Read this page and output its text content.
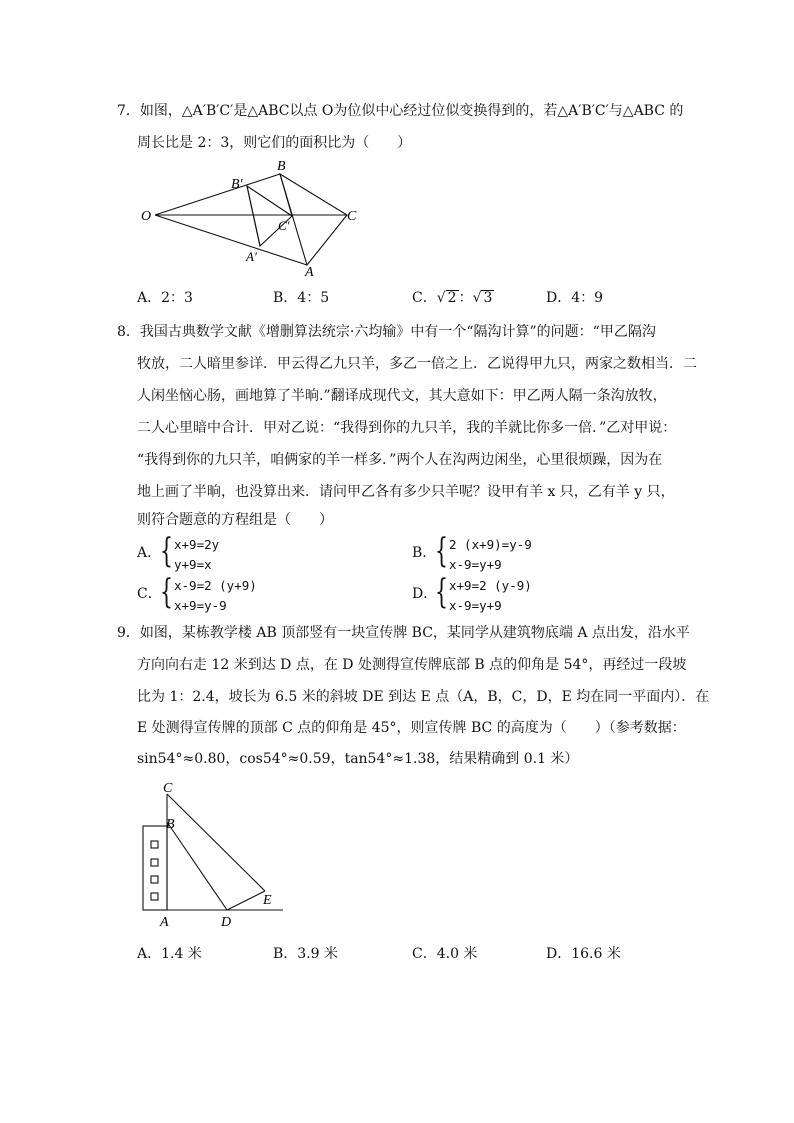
7．如图，△A′B′C′是△ABC以点 O为位似中心经过位似变换得到的，若△A′B′C′与△ABC 的
周长比是 2：3，则它们的面积比为（　　）
O
B′
B
C
C′
A′
A
A．2：3	B．4：5	C．√ 2 ：√ 3	D．4：9
8．我国古典数学文献《增删算法统宗·六均输》中有一个“隔沟计算”的问题：“甲乙隔沟
牧放，二人暗里参详．甲云得乙九只羊，多乙一倍之上．乙说得甲九只，两家之数相当．二
人闲坐恼心肠，画地算了半晌.”翻译成现代文，其大意如下：甲乙两人隔一条沟放牧，
二人心里暗中合计．甲对乙说：“我得到你的九只羊，我的羊就比你多一倍．”乙对甲说：
“我得到你的九只羊，咱俩家的羊一样多．”两个人在沟两边闲坐，心里很烦躁，因为在
地上画了半晌，也没算出来．请问甲乙各有多少只羊呢？设甲有羊 x 只，乙有羊 y 只，
则符合题意的方程组是（　　）
A．
{ x+9=2y
y+9=x
B．
{ 2 (x+9)=y-9
x-9=y+9
C．
{ x-9=2 (y+9)
x+9=y-9
D．
{ x+9=2 (y-9)
x-9=y+9
9．如图，某栋教学楼 AB 顶部竖有一块宣传牌 BC，某同学从建筑物底端 A 点出发，沿水平
方向向右走 12 米到达 D 点，在 D 处测得宣传牌底部 B 点的仰角是 54°，再经过一段坡
比为 1：2.4，坡长为 6.5 米的斜坡 DE 到达 E 点（A，B，C，D，E 均在同一平面内）．在
E 处测得宣传牌的顶部 C 点的仰角是 45°，则宣传牌 BC 的高度为（　　）（参考数据：
sin54°≈0.80，cos54°≈0.59，tan54°≈1.38，结果精确到 0.1 米）
C
B
A	D
E
A．1.4 米	B．3.9 米	C．4.0 米	D．16.6 米
